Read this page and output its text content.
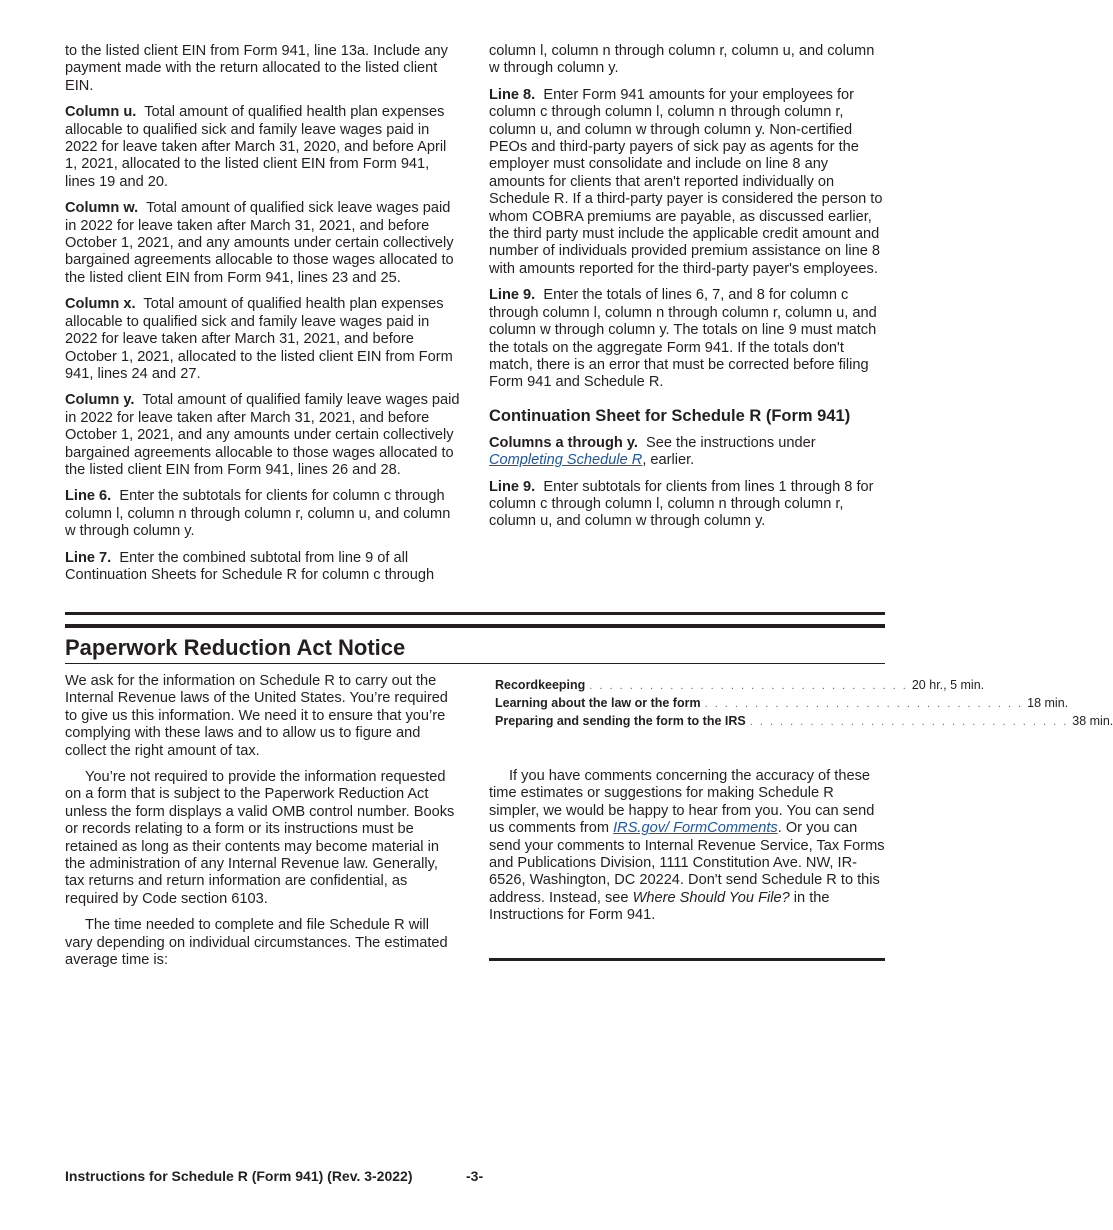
to the listed client EIN from Form 941, line 13a. Include any payment made with the return allocated to the listed client EIN.

Column u. Total amount of qualified health plan expenses allocable to qualified sick and family leave wages paid in 2022 for leave taken after March 31, 2020, and before April 1, 2021, allocated to the listed client EIN from Form 941, lines 19 and 20.

Column w. Total amount of qualified sick leave wages paid in 2022 for leave taken after March 31, 2021, and before October 1, 2021, and any amounts under certain collectively bargained agreements allocable to those wages allocated to the listed client EIN from Form 941, lines 23 and 25.

Column x. Total amount of qualified health plan expenses allocable to qualified sick and family leave wages paid in 2022 for leave taken after March 31, 2021, and before October 1, 2021, allocated to the listed client EIN from Form 941, lines 24 and 27.

Column y. Total amount of qualified family leave wages paid in 2022 for leave taken after March 31, 2021, and before October 1, 2021, and any amounts under certain collectively bargained agreements allocable to those wages allocated to the listed client EIN from Form 941, lines 26 and 28.

Line 6. Enter the subtotals for clients for column c through column l, column n through column r, column u, and column w through column y.

Line 7. Enter the combined subtotal from line 9 of all Continuation Sheets for Schedule R for column c through

column l, column n through column r, column u, and column w through column y.

Line 8. Enter Form 941 amounts for your employees for column c through column l, column n through column r, column u, and column w through column y. Non-certified PEOs and third-party payers of sick pay as agents for the employer must consolidate and include on line 8 any amounts for clients that aren't reported individually on Schedule R. If a third-party payer is considered the person to whom COBRA premiums are payable, as discussed earlier, the third party must include the applicable credit amount and number of individuals provided premium assistance on line 8 with amounts reported for the third-party payer's employees.

Line 9. Enter the totals of lines 6, 7, and 8 for column c through column l, column n through column r, column u, and column w through column y. The totals on line 9 must match the totals on the aggregate Form 941. If the totals don't match, there is an error that must be corrected before filing Form 941 and Schedule R.

Continuation Sheet for Schedule R (Form 941)

Columns a through y. See the instructions under Completing Schedule R, earlier.

Line 9. Enter subtotals for clients from lines 1 through 8 for column c through column l, column n through column r, column u, and column w through column y.

Paperwork Reduction Act Notice

We ask for the information on Schedule R to carry out the Internal Revenue laws of the United States. You’re required to give us this information. We need it to ensure that you’re complying with these laws and to allow us to figure and collect the right amount of tax.

You’re not required to provide the information requested on a form that is subject to the Paperwork Reduction Act unless the form displays a valid OMB control number. Books or records relating to a form or its instructions must be retained as long as their contents may become material in the administration of any Internal Revenue law. Generally, tax returns and return information are confidential, as required by Code section 6103.

The time needed to complete and file Schedule R will vary depending on individual circumstances. The estimated average time is:

Recordkeeping . . . . . . . . . . . . . . . . . . . . . . . . . . . . . . . . 20 hr., 5 min.
Learning about the law or the form . . . . . . . . . . . . . . . . . . . . . . . . . . . . . . . . 18 min.
Preparing and sending the form to the IRS . . . . . . . . . . . . . . . . . . . . . . . . . . . . . . . . 38 min.

If you have comments concerning the accuracy of these time estimates or suggestions for making Schedule R simpler, we would be happy to hear from you. You can send us comments from IRS.gov/ FormComments. Or you can send your comments to Internal Revenue Service, Tax Forms and Publications Division, 1111 Constitution Ave. NW, IR-6526, Washington, DC 20224. Don't send Schedule R to this address. Instead, see Where Should You File? in the Instructions for Form 941.

Instructions for Schedule R (Form 941) (Rev. 3-2022)	-3-
